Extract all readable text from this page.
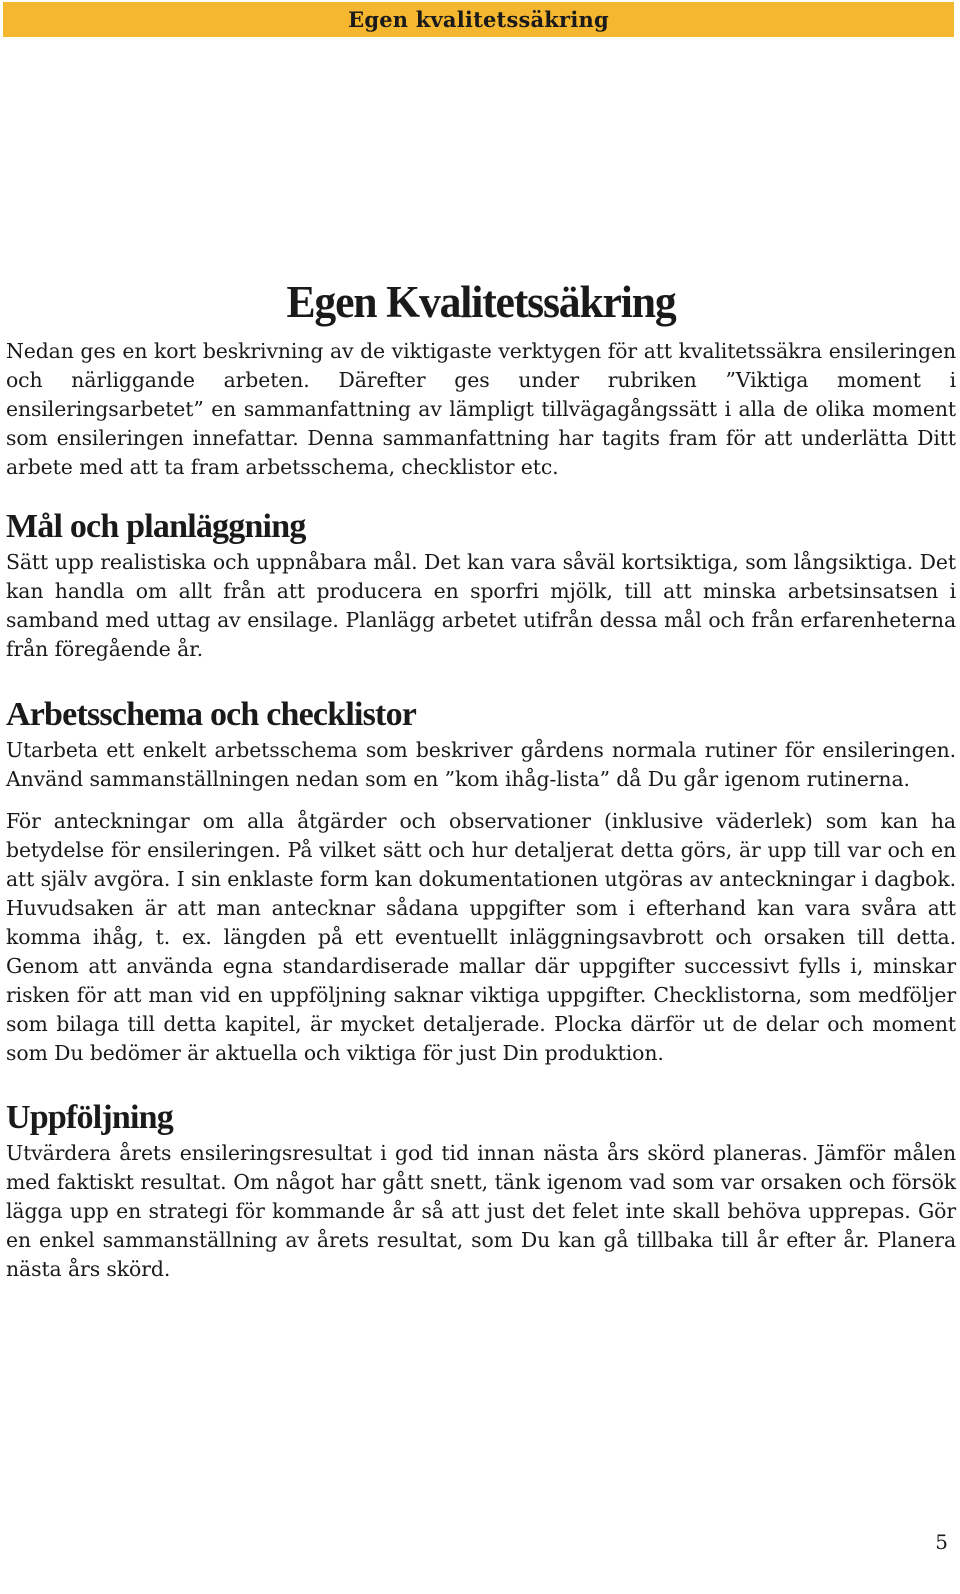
Egen kvalitetssäkring
Egen Kvalitetssäkring

Nedan ges en kort beskrivning av de viktigaste verktygen för att kvalitetssäkra ensileringen och närliggande arbeten. Därefter ges under rubriken ”Viktiga moment i ensileringsarbetet” en sammanfattning av lämpligt tillvägagångssätt i alla de olika moment som ensileringen innefattar. Denna sammanfattning har tagits fram för att underlätta Ditt arbete med att ta fram arbetsschema, checklistor etc.

Mål och planläggning

Sätt upp realistiska och uppnåbara mål. Det kan vara såväl kortsiktiga, som långsiktiga. Det kan handla om allt från att producera en sporfri mjölk, till att minska arbetsinsatsen i samband med uttag av ensilage. Planlägg arbetet utifrån dessa mål och från erfarenheterna från föregående år.

Arbetsschema och checklistor

Utarbeta ett enkelt arbetsschema som beskriver gårdens normala rutiner för ensileringen. Använd sammanställningen nedan som en ”kom ihåg-lista” då Du går igenom rutinerna.

För anteckningar om alla åtgärder och observationer (inklusive väderlek) som kan ha betydelse för ensileringen. På vilket sätt och hur detaljerat detta görs, är upp till var och en att själv avgöra. I sin enklaste form kan dokumentationen utgöras av anteckningar i dagbok. Huvudsaken är att man antecknar sådana uppgifter som i efterhand kan vara svåra att komma ihåg, t. ex. längden på ett eventuellt inläggningsavbrott och orsaken till detta. Genom att använda egna standardiserade mallar där uppgifter successivt fylls i, minskar risken för att man vid en uppföljning saknar viktiga uppgifter. Checklistorna, som medföljer som bilaga till detta kapitel, är mycket detaljerade. Plocka därför ut de delar och moment som Du bedömer är aktuella och viktiga för just Din produktion.

Uppföljning

Utvärdera årets ensileringsresultat i god tid innan nästa års skörd planeras. Jämför målen med faktiskt resultat. Om något har gått snett, tänk igenom vad som var orsaken och försök lägga upp en strategi för kommande år så att just det felet inte skall behöva upprepas. Gör en enkel sammanställning av årets resultat, som Du kan gå tillbaka till år efter år. Planera nästa års skörd.

5
